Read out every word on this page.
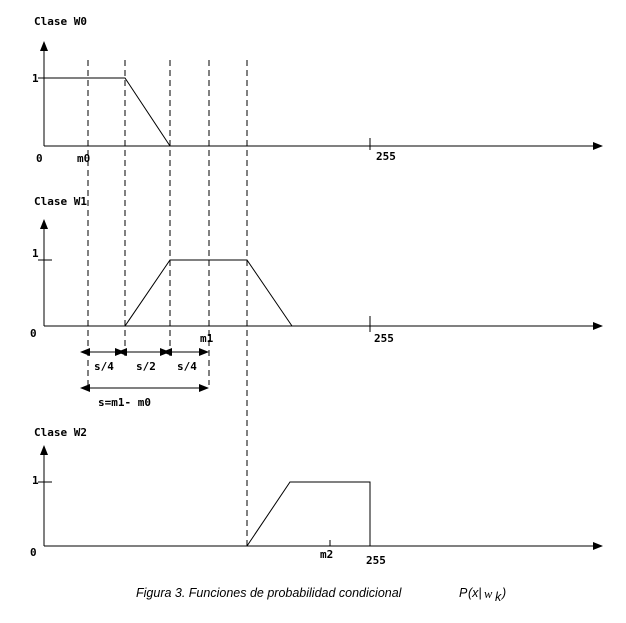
Clase W0
1
0	m0	255
Clase W1
1
0	m1	255
s/4 s/2 s/4
s=m1- m0
Clase W2
1
0	m2	255
Figura 3. Funciones de probabilidad condicional	P (x| w k )
